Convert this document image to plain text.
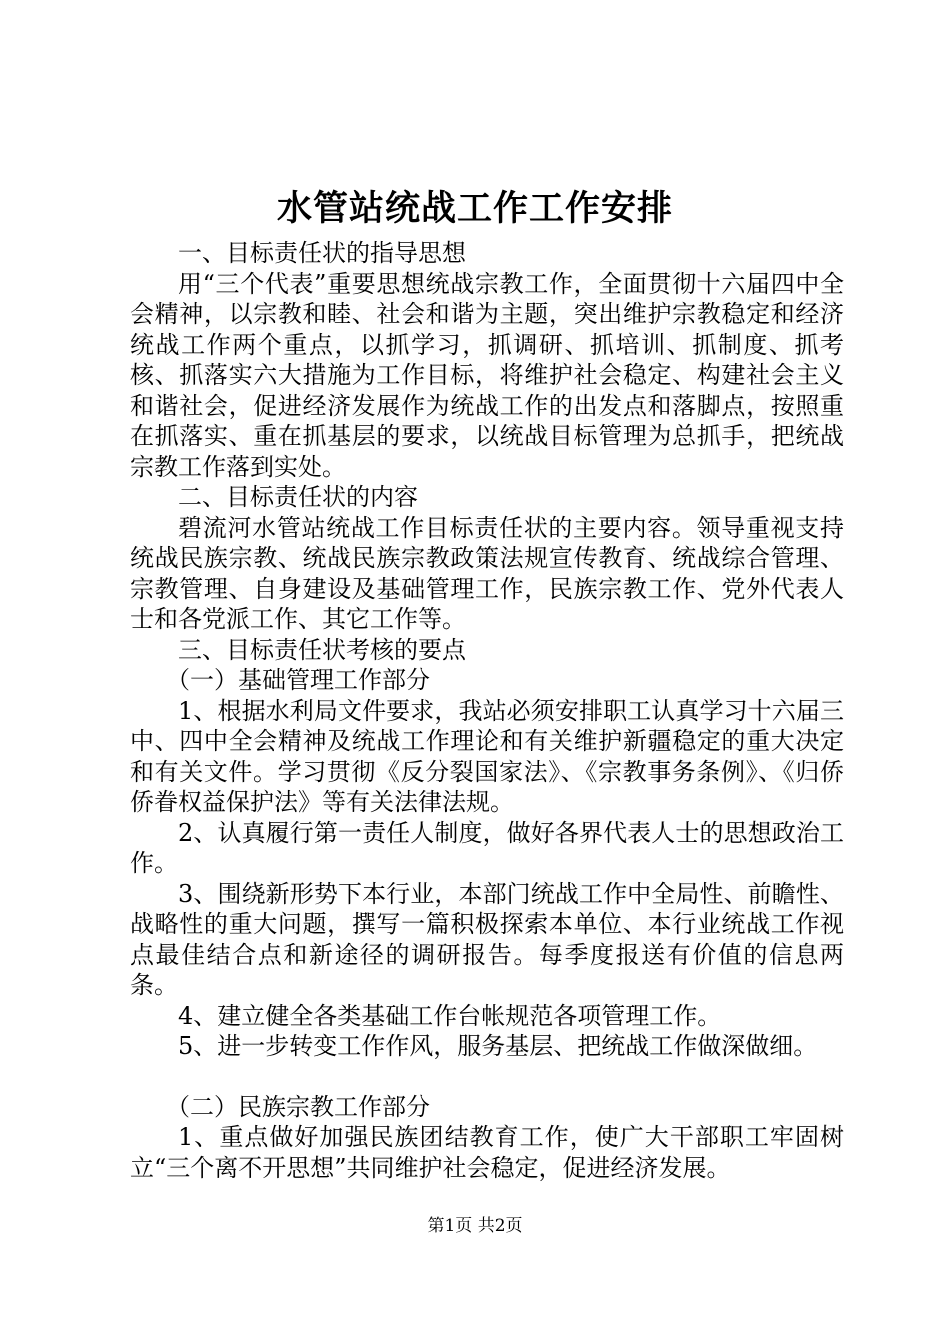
水管站统战工作工作安排

一、目标责任状的指导思想

用“三个代表”重要思想统战宗教工作，全面贯彻十六届四中全会精神，以宗教和睦、社会和谐为主题，突出维护宗教稳定和经济统战工作两个重点，以抓学习，抓调研、抓培训、抓制度、抓考核、抓落实六大措施为工作目标，将维护社会稳定、构建社会主义和谐社会，促进经济发展作为统战工作的出发点和落脚点，按照重在抓落实、重在抓基层的要求，以统战目标管理为总抓手，把统战宗教工作落到实处。

二、目标责任状的内容

碧流河水管站统战工作目标责任状的主要内容。领导重视支持统战民族宗教、统战民族宗教政策法规宣传教育、统战综合管理、宗教管理、自身建设及基础管理工作，民族宗教工作、党外代表人士和各党派工作、其它工作等。

三、目标责任状考核的要点

（一）基础管理工作部分

1、根据水利局文件要求，我站必须安排职工认真学习十六届三中、四中全会精神及统战工作理论和有关维护新疆稳定的重大决定和有关文件。学习贯彻《反分裂国家法》、《宗教事务条例》、《归侨侨眷权益保护法》等有关法律法规。

2、认真履行第一责任人制度，做好各界代表人士的思想政治工作。

3、围绕新形势下本行业，本部门统战工作中全局性、前瞻性、战略性的重大问题，撰写一篇积极探索本单位、本行业统战工作视点最佳结合点和新途径的调研报告。每季度报送有价值的信息两条。

4、建立健全各类基础工作台帐规范各项管理工作。

5、进一步转变工作作风，服务基层、把统战工作做深做细。

（二）民族宗教工作部分

1、重点做好加强民族团结教育工作，使广大干部职工牢固树立“三个离不开思想”共同维护社会稳定，促进经济发展。

第1页 共2页
